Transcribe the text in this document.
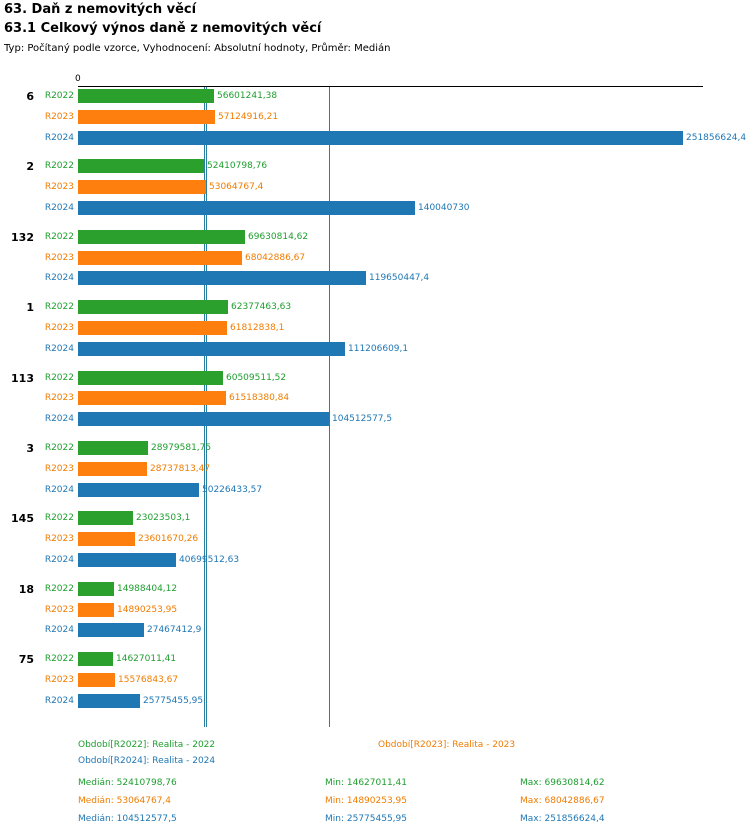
63. Daň z nemovitých věcí
63.1 Celkový výnos daně z nemovitých věcí
Typ: Počítaný podle vzorce, Vyhodnocení: Absolutní hodnoty, Průměr: Medián
0
6	R2022	56601241,38
R2023	57124916,21
R2024	251856624,4
2	R2022	52410798,76
R2023	53064767,4
R2024	140040730
132	R2022	69630814,62
R2023	68042886,67
R2024	119650447,4
1	R2022	62377463,63
R2023	61812838,1
R2024	111206609,1
113	R2022	60509511,52
R2023	61518380,84
R2024	104512577,5
3	R2022	28979581,75
R2023	28737813,47
R2024	50226433,57
145	R2022	23023503,1
R2023	23601670,26
R2024	40699512,63
18	R2022	14988404,12
R2023	14890253,95
R2024	27467412,9
75	R2022	14627011,41
R2023	15576843,67
R2024	25775455,95
Období[R2022]: Realita - 2022	Období[R2023]: Realita - 2023
Období[R2024]: Realita - 2024
Medián: 52410798,76	Min: 14627011,41	Max: 69630814,62
Medián: 53064767,4	Min: 14890253,95	Max: 68042886,67
Medián: 104512577,5	Min: 25775455,95	Max: 251856624,4
